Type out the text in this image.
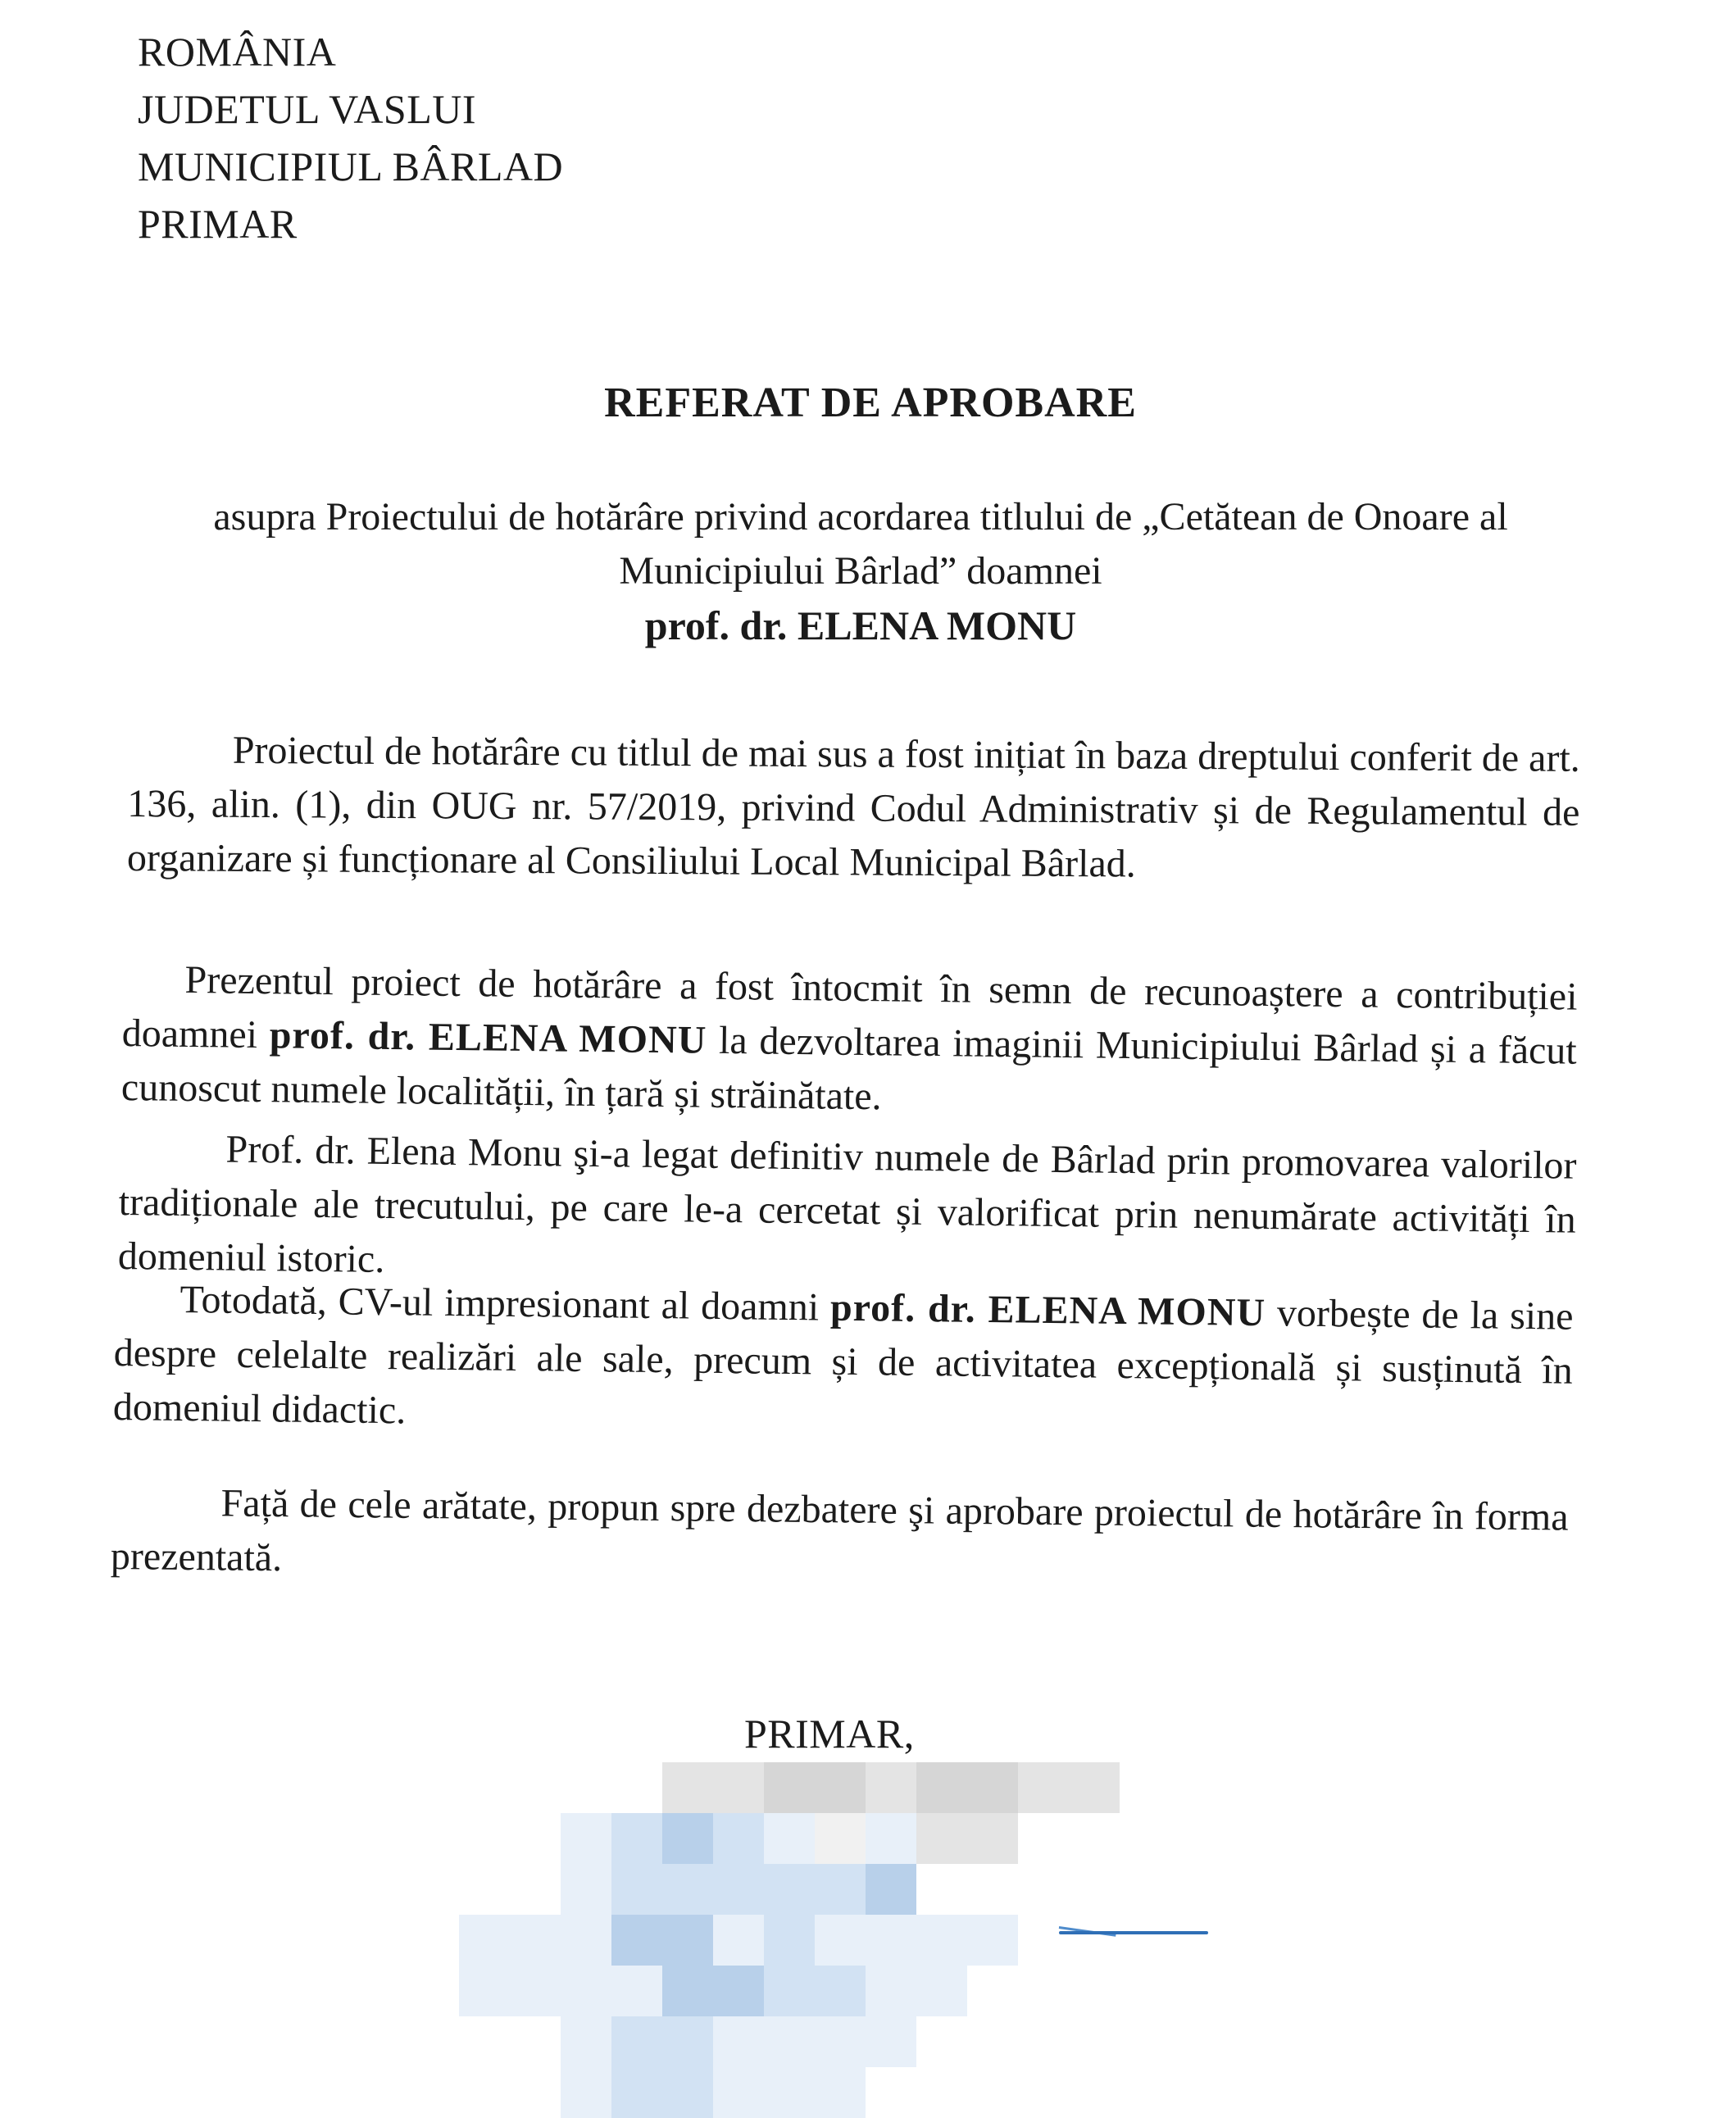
ROMÂNIA
JUDETUL VASLUI
MUNICIPIUL BÂRLAD
PRIMAR
REFERAT DE APROBARE
asupra Proiectului de hotărâre privind acordarea titlului de „Cetătean de Onoare al
Municipiului Bârlad” doamnei
prof. dr. ELENA MONU
Proiectul de hotărâre cu titlul de mai sus a fost inițiat în baza dreptului conferit de art. 136, alin. (1), din OUG nr. 57/2019, privind Codul Administrativ și de Regulamentul de organizare și funcționare al Consiliului Local Municipal Bârlad.
Prezentul proiect de hotărâre a fost întocmit în semn de recunoaștere a contribuției doamnei prof. dr. ELENA MONU la dezvoltarea imaginii Municipiului Bârlad și a făcut cunoscut numele localității, în țară și străinătate.
Prof. dr. Elena Monu şi-a legat definitiv numele de Bârlad prin promovarea valorilor tradiționale ale trecutului, pe care le-a cercetat și valorificat prin nenumărate activități în domeniul istoric.
Totodată, CV-ul impresionant al doamni prof. dr. ELENA MONU vorbește de la sine despre celelalte realizări ale sale, precum și de activitatea excepțională și susținută în domeniul didactic.
Față de cele arătate, propun spre dezbatere şi aprobare proiectul de hotărâre în forma prezentată.
PRIMAR,
